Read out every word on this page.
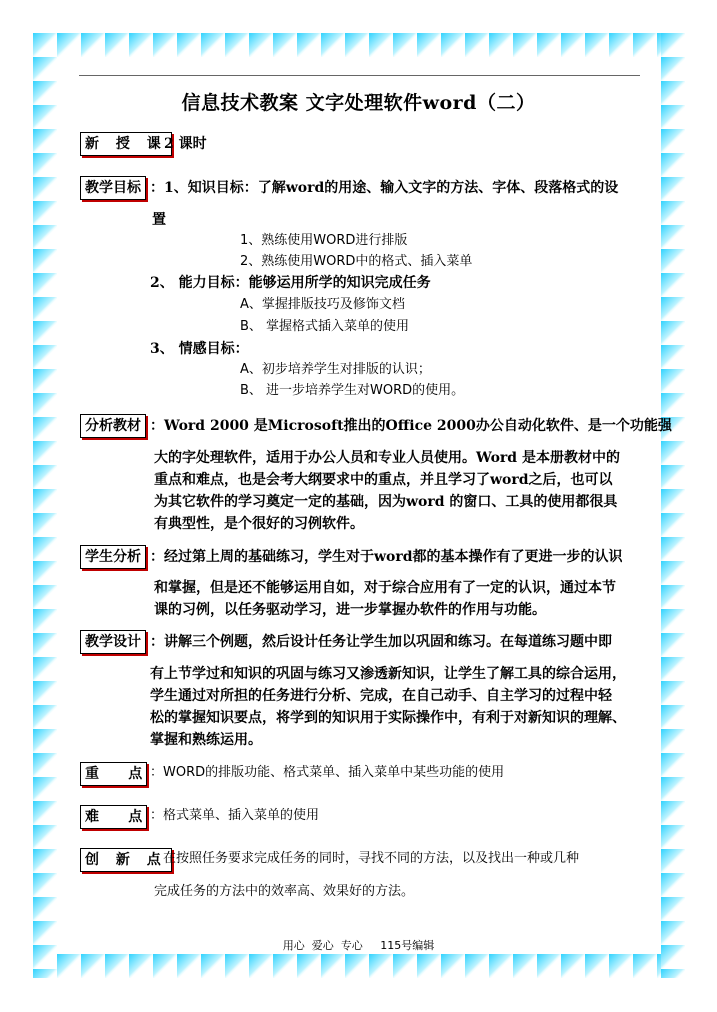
信息技术教案 文字处理软件word（二）
新 授 课
：2 课时
教学目标 ：1、知识目标：了解word的用途、输入文字的方法、字体、段落格式的设
置
1、熟练使用WORD进行排版
2、熟练使用WORD中的格式、插入菜单
2、 能力目标：能够运用所学的知识完成任务
A、掌握排版技巧及修饰文档
B、 掌握格式插入菜单的使用
3、 情感目标：
A、初步培养学生对排版的认识；
B、 进一步培养学生对WORD的使用。
分析教材 ：Word 2000 是Microsoft推出的Office 2000办公自动化软件、是一个功能强
大的字处理软件，适用于办公人员和专业人员使用。Word 是本册教材中的
重点和难点，也是会考大纲要求中的重点，并且学习了word之后，也可以
为其它软件的学习奠定一定的基础，因为word 的窗口、工具的使用都很具
有典型性，是个很好的习例软件。
学生分析 ：经过第上周的基础练习，学生对于word都的基本操作有了更进一步的认识
和掌握，但是还不能够运用自如，对于综合应用有了一定的认识，通过本节
课的习例，以任务驱动学习，进一步掌握办软件的作用与功能。
教学设计 ：讲解三个例题，然后设计任务让学生加以巩固和练习。在每道练习题中即
有上节学过和知识的巩固与练习又渗透新知识，让学生了解工具的综合运用，
学生通过对所担的任务进行分析、完成，在自己动手、自主学习的过程中轻
松的掌握知识要点，将学到的知识用于实际操作中，有利于对新知识的理解、
掌握和熟练运用。
重      点 ：WORD的排版功能、格式菜单、插入菜单中某些功能的使用
难      点 ：格式菜单、插入菜单的使用
创 新 点
：在按照任务要求完成任务的同时，寻找不同的方法，以及找出一种或几种
完成任务的方法中的效率高、效果好的方法。
用心  爱心  专心     115号编辑
